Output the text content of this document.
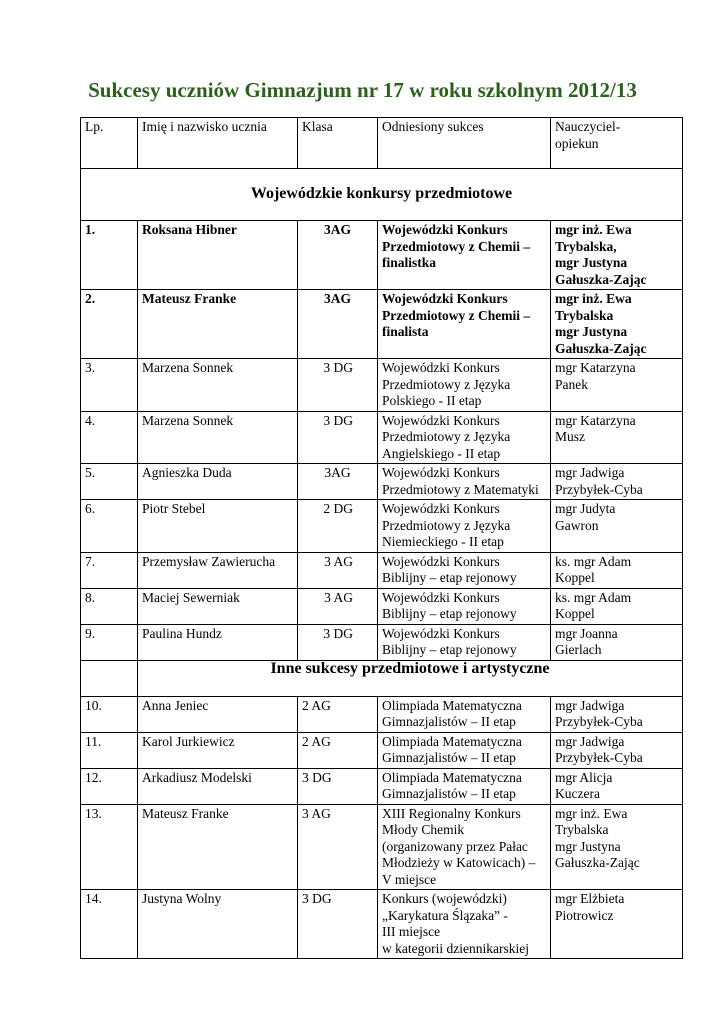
Sukcesy uczniów Gimnazjum nr 17 w roku szkolnym 2012/13
Lp.	Imię i nazwisko ucznia	Klasa	Odniesiony sukces	Nauczyciel-
opiekun
Wojewódzkie konkursy przedmiotowe				
1.	Roksana Hibner	3AG	Wojewódzki Konkurs
Przedmiotowy z Chemii –
finalistka	mgr inż. Ewa
Trybalska,
mgr Justyna
Gałuszka-Zając
2.	Mateusz Franke	3AG	Wojewódzki Konkurs
Przedmiotowy z Chemii –
finalista	mgr inż. Ewa
Trybalska
mgr Justyna
Gałuszka-Zając
3.	Marzena Sonnek	3 DG	Wojewódzki Konkurs
Przedmiotowy z Języka
Polskiego - II etap	mgr Katarzyna
Panek
4.	Marzena Sonnek	3 DG	Wojewódzki Konkurs
Przedmiotowy z Języka
Angielskiego - II etap	mgr Katarzyna
Musz
5.	Agnieszka Duda	3AG	Wojewódzki Konkurs
Przedmiotowy z Matematyki	mgr Jadwiga
Przybyłek-Cyba
6.	Piotr Stebel	2 DG	Wojewódzki Konkurs
Przedmiotowy z Języka
Niemieckiego - II etap	mgr Judyta
Gawron
7.	Przemysław Zawierucha	3 AG	Wojewódzki Konkurs
Biblijny – etap rejonowy	ks. mgr Adam
Koppel
8.	Maciej Sewerniak	3 AG	Wojewódzki Konkurs
Biblijny – etap rejonowy	ks. mgr Adam
Koppel
9.	Paulina Hundz	3 DG	Wojewódzki Konkurs
Biblijny – etap rejonowy	mgr Joanna
Gierlach
	Inne sukcesy przedmiotowe i artystyczne			
10.	Anna Jeniec	2 AG	Olimpiada Matematyczna
Gimnazjalistów – II etap	mgr Jadwiga
Przybyłek-Cyba
11.	Karol Jurkiewicz	2 AG	Olimpiada Matematyczna
Gimnazjalistów – II etap	mgr Jadwiga
Przybyłek-Cyba
12.	Arkadiusz Modelski	3 DG	Olimpiada Matematyczna
Gimnazjalistów – II etap	mgr Alicja
Kuczera
13.	Mateusz Franke	3 AG	XIII Regionalny Konkurs
Młody Chemik
(organizowany przez Pałac
Młodzieży w Katowicach) –
V miejsce	mgr inż. Ewa
Trybalska
mgr Justyna
Gałuszka-Zając
14.	Justyna Wolny	3 DG	Konkurs (wojewódzki)
„Karykatura Ślązaka” -
III miejsce
w kategorii dziennikarskiej	mgr Elżbieta
Piotrowicz
